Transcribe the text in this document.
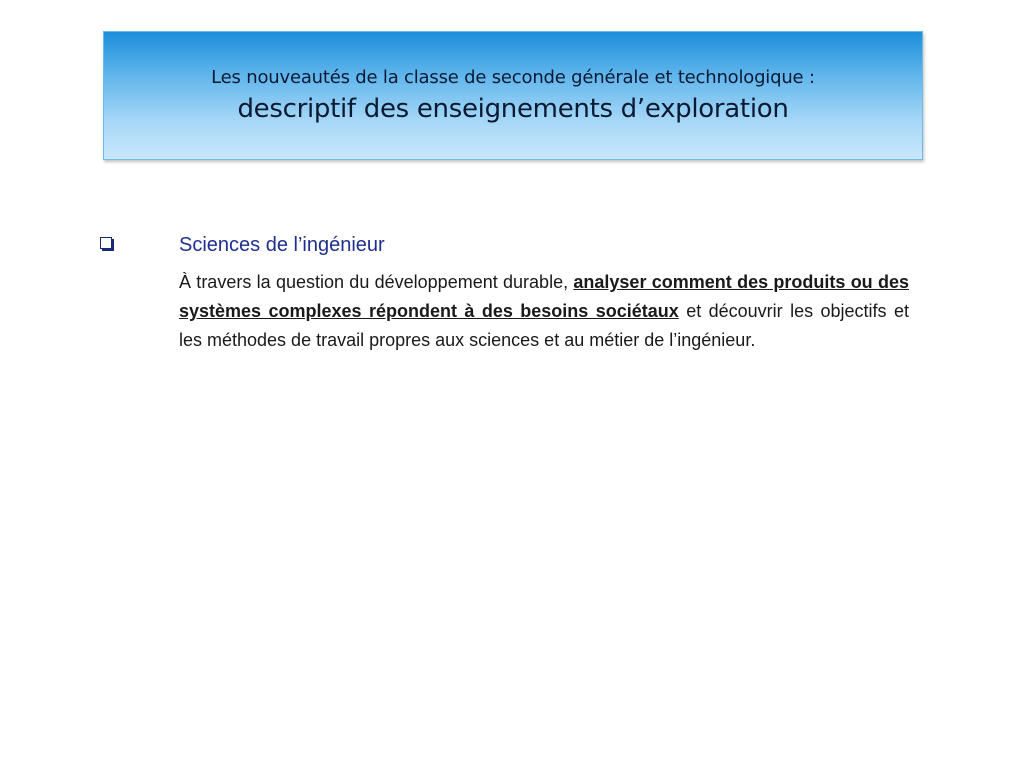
Les nouveautés de la classe de seconde générale et technologique :
descriptif des enseignements d’exploration
Sciences de l’ingénieur
À travers la question du développement durable, analyser comment des produits ou des systèmes complexes répondent à des besoins sociétaux et découvrir les objectifs et les méthodes de travail propres aux sciences et au métier de l’ingénieur.
